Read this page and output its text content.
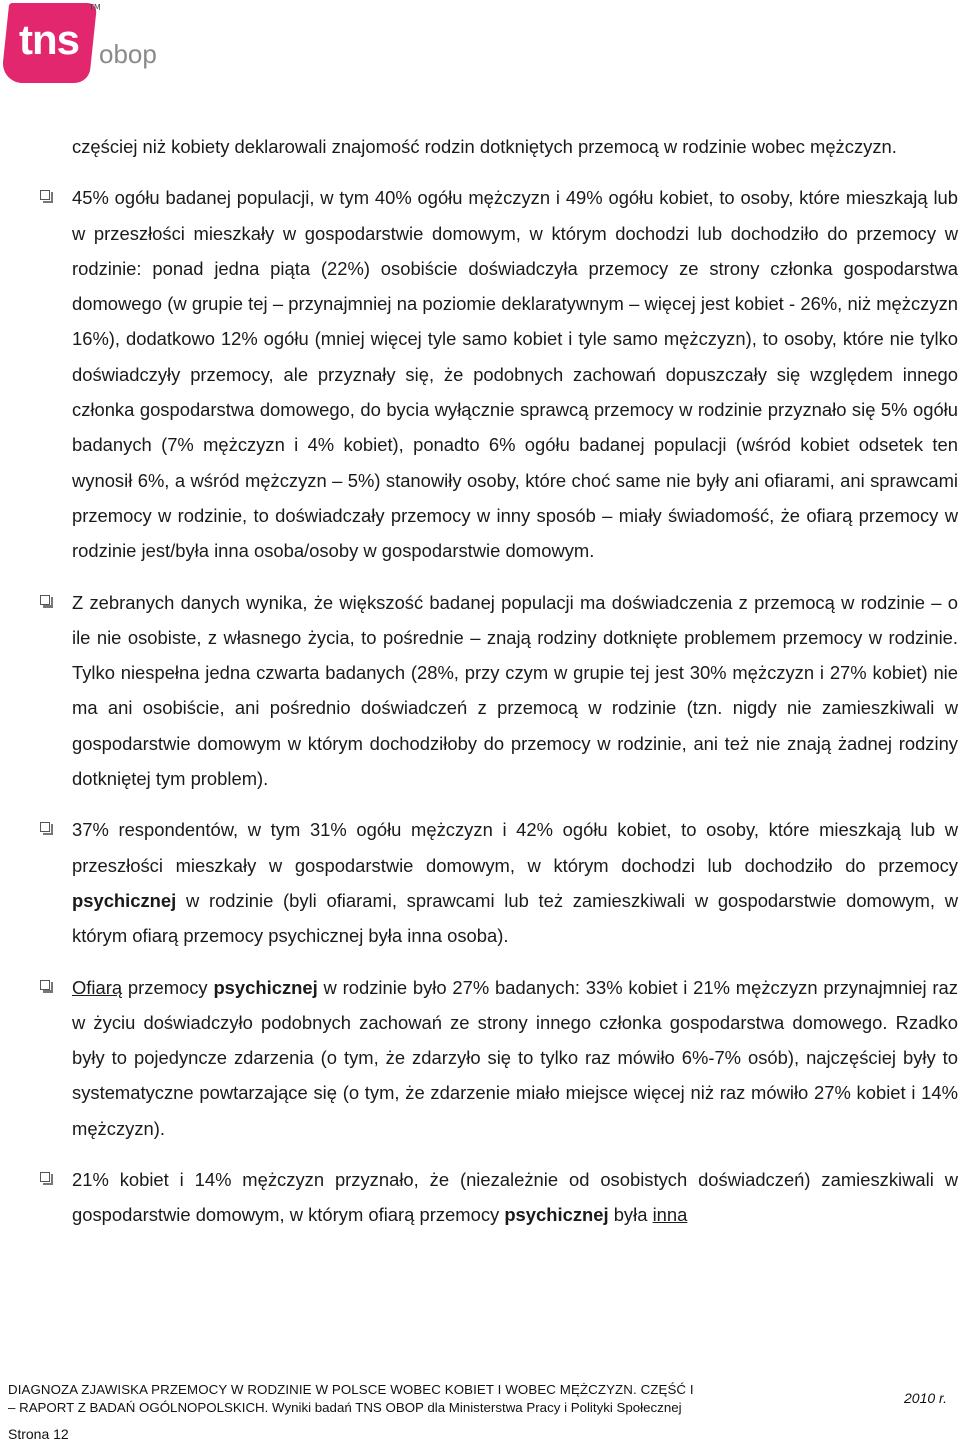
tns
TM
obop

częściej niż kobiety deklarowali znajomość rodzin dotkniętych przemocą w rodzinie wobec mężczyzn.

45% ogółu badanej populacji, w tym 40% ogółu mężczyzn i 49% ogółu kobiet, to osoby, które mieszkają lub w przeszłości mieszkały w gospodarstwie domowym, w którym dochodzi lub dochodziło do przemocy w rodzinie: ponad jedna piąta (22%) osobiście doświadczyła przemocy ze strony członka gospodarstwa domowego (w grupie tej – przynajmniej na poziomie deklaratywnym – więcej jest kobiet - 26%, niż mężczyzn 16%), dodatkowo 12% ogółu (mniej więcej tyle samo kobiet i tyle samo mężczyzn), to osoby, które nie tylko doświadczyły przemocy, ale przyznały się, że podobnych zachowań dopuszczały się względem innego członka gospodarstwa domowego, do bycia wyłącznie sprawcą przemocy w rodzinie przyznało się 5% ogółu badanych (7% mężczyzn i 4% kobiet), ponadto 6% ogółu badanej populacji (wśród kobiet odsetek ten wynosił 6%, a wśród mężczyzn – 5%) stanowiły osoby, które choć same nie były ani ofiarami, ani sprawcami przemocy w rodzinie, to doświadczały przemocy w inny sposób – miały świadomość, że ofiarą przemocy w rodzinie jest/była inna osoba/osoby w gospodarstwie domowym.

Z zebranych danych wynika, że większość badanej populacji ma doświadczenia z przemocą w rodzinie – o ile nie osobiste, z własnego życia, to pośrednie – znają rodziny dotknięte problemem przemocy w rodzinie. Tylko niespełna jedna czwarta badanych (28%, przy czym w grupie tej jest 30% mężczyzn i 27% kobiet) nie ma ani osobiście, ani pośrednio doświadczeń z przemocą w rodzinie (tzn. nigdy nie zamieszkiwali w gospodarstwie domowym w którym dochodziłoby do przemocy w rodzinie, ani też nie znają żadnej rodziny dotkniętej tym problem).

37% respondentów, w tym 31% ogółu mężczyzn i 42% ogółu kobiet, to osoby, które mieszkają lub w przeszłości mieszkały w gospodarstwie domowym, w którym dochodzi lub dochodziło do przemocy psychicznej w rodzinie (byli ofiarami, sprawcami lub też zamieszkiwali w gospodarstwie domowym, w którym ofiarą przemocy psychicznej była inna osoba).

Ofiarą przemocy psychicznej w rodzinie było 27% badanych: 33% kobiet i 21% mężczyzn przynajmniej raz w życiu doświadczyło podobnych zachowań ze strony innego członka gospodarstwa domowego. Rzadko były to pojedyncze zdarzenia (o tym, że zdarzyło się to tylko raz mówiło 6%-7% osób), najczęściej były to systematyczne powtarzające się (o tym, że zdarzenie miało miejsce więcej niż raz mówiło 27% kobiet i 14% mężczyzn).

21% kobiet i 14% mężczyzn przyznało, że (niezależnie od osobistych doświadczeń) zamieszkiwali w gospodarstwie domowym, w którym ofiarą przemocy psychicznej była inna

DIAGNOZA ZJAWISKA PRZEMOCY W RODZINIE W POLSCE WOBEC KOBIET I WOBEC MĘŻCZYZN. CZĘŚĆ I
– RAPORT Z BADAŃ OGÓLNOPOLSKICH. Wyniki badań TNS OBOP dla Ministerstwa Pracy i Polityki Społecznej
2010 r.
Strona 12
